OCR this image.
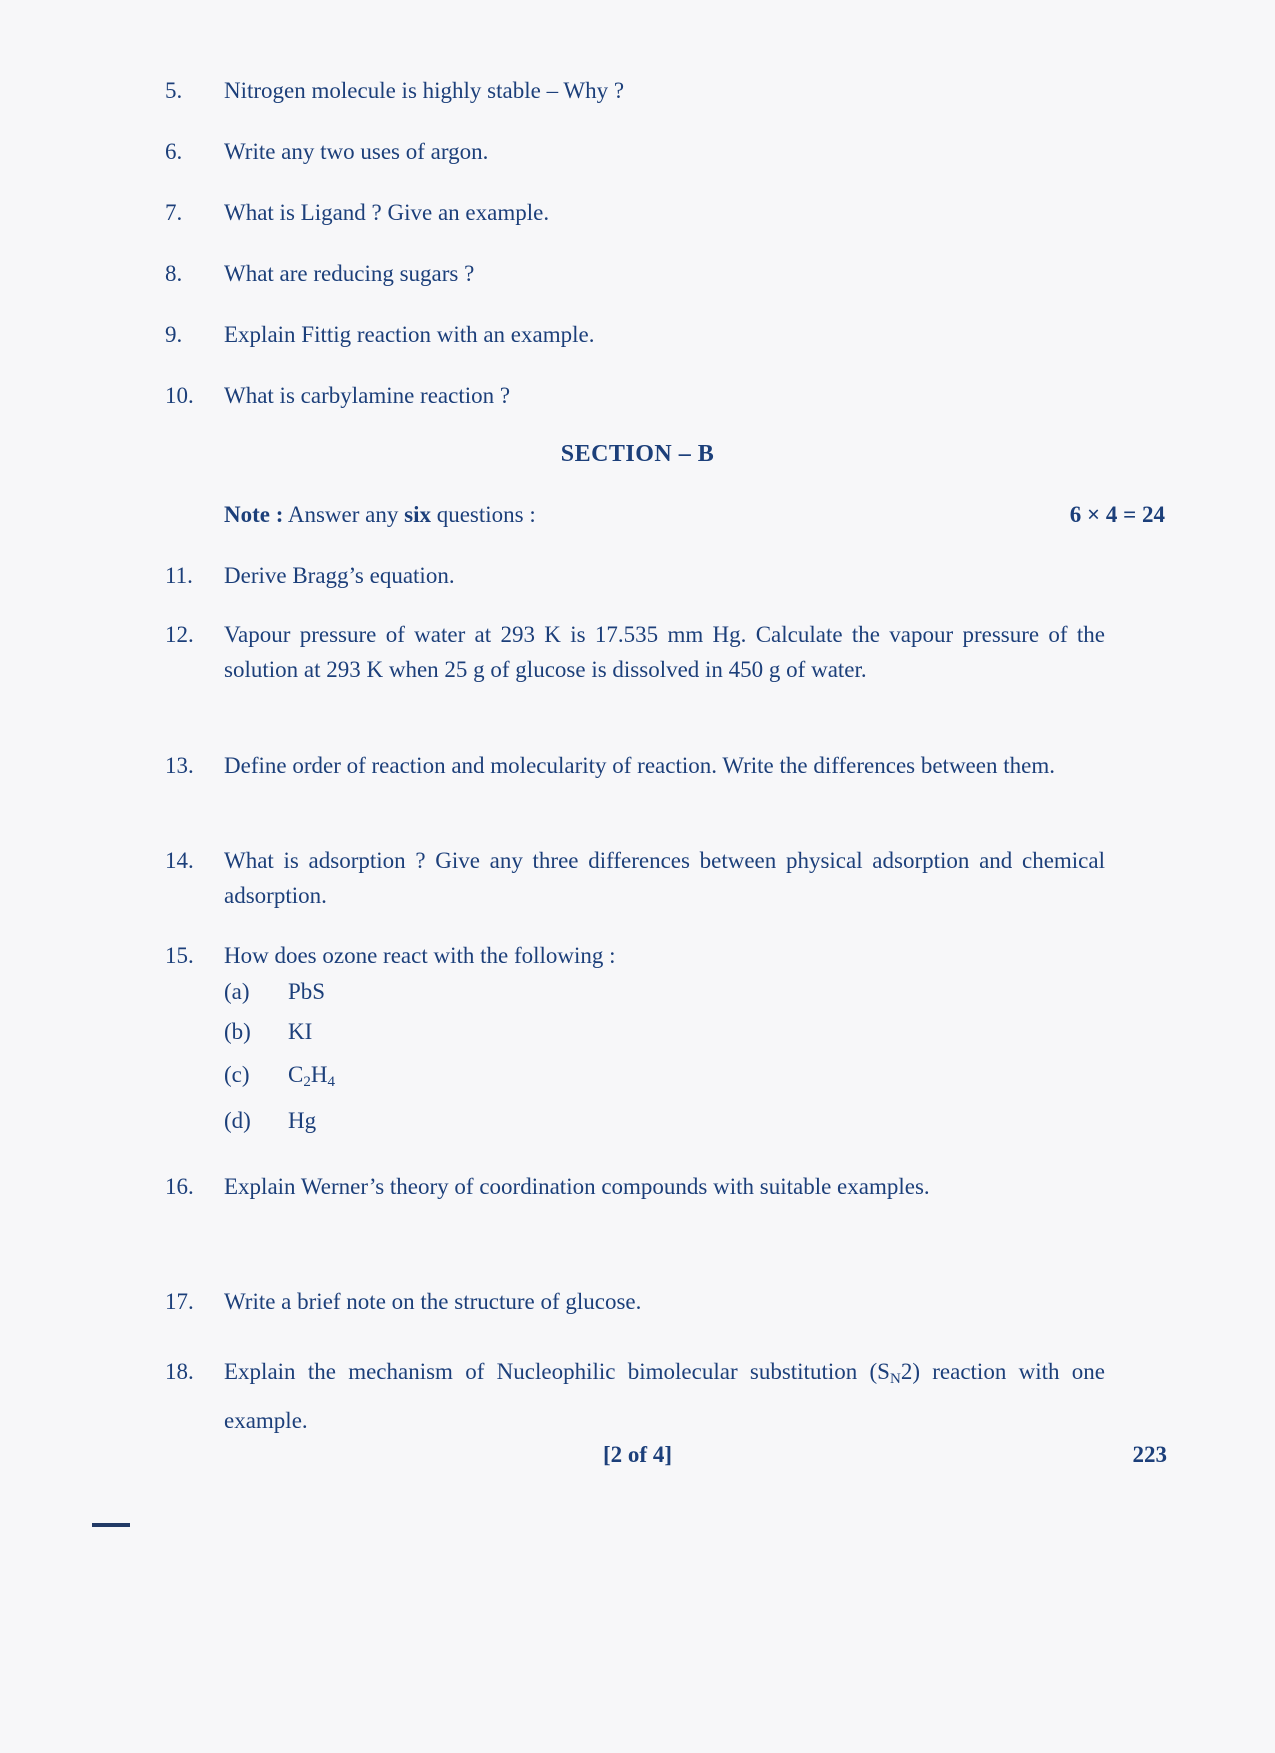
5.	Nitrogen molecule is highly stable – Why ?
6.	Write any two uses of argon.
7.	What is Ligand ? Give an example.
8.	What are reducing sugars ?
9.	Explain Fittig reaction with an example.
10.	What is carbylamine reaction ?
SECTION – B
Note : Answer any six questions :	6 × 4 = 24
11.	Derive Bragg’s equation.
12.	Vapour pressure of water at 293 K is 17.535 mm Hg. Calculate the vapour pressure of the solution at 293 K when 25 g of glucose is dissolved in 450 g of water.
13.	Define order of reaction and molecularity of reaction. Write the differences between them.
14.	What is adsorption ? Give any three differences between physical adsorption and chemical adsorption.
15.	How does ozone react with the following :
(a) PbS
(b) KI
(c) $C_2H_4$
(d) Hg
16.	Explain Werner’s theory of coordination compounds with suitable examples.
17.	Write a brief note on the structure of glucose.
18.	Explain the mechanism of Nucleophilic bimolecular substitution $(S_N2)$ reaction with one example.
[2 of 4]	223
